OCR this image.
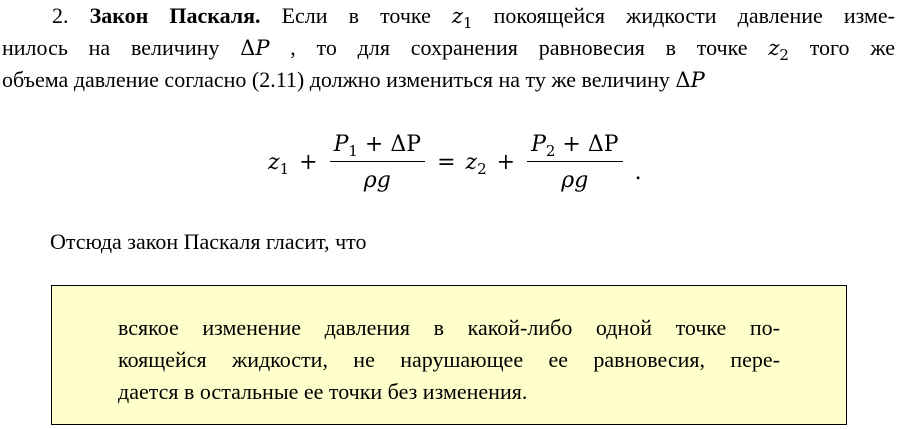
2. Закон Паскаля. Если в точке $z_1$ покоящейся жидкости давление изме-
нилось на величину ΔP , то для сохранения равновесия в точке $z_2$ того же
объема давление согласно (2.11) должно измениться на ту же величину ΔP
$z_1 + \frac{P_1 + \Delta P}{\rho g} = z_2 + \frac{P_2 + \Delta P}{\rho g}$ .
Отсюда закон Паскаля гласит, что
всякое изменение давления в какой-либо одной точке по-
коящейся жидкости, не нарушающее ее равновесия, пере-
дается в остальные ее точки без изменения.
